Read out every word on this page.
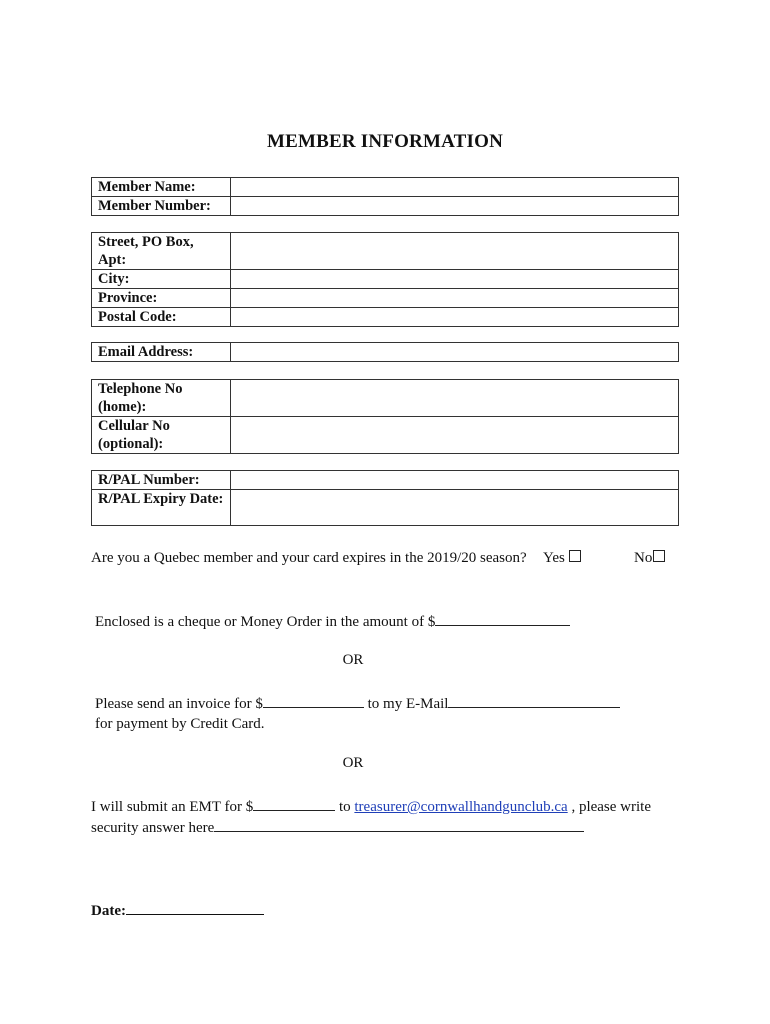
MEMBER INFORMATION
Member Name:	
Member Number:	
Street, PO Box, Apt:	
City:	
Province:	
Postal Code:	
Email Address:	
Telephone No (home):	
Cellular No (optional):	
R/PAL Number:	
R/PAL Expiry Date:	
Are you a Quebec member and your card expires in the 2019/20 season? Yes	No
Enclosed is a cheque or Money Order in the amount of $
OR
Please send an invoice for $	to my E-Mail
for payment by Credit Card.
OR
I will submit an EMT for $	to treasurer@cornwallhandgunclub.ca , please write
security answer here
Date:
